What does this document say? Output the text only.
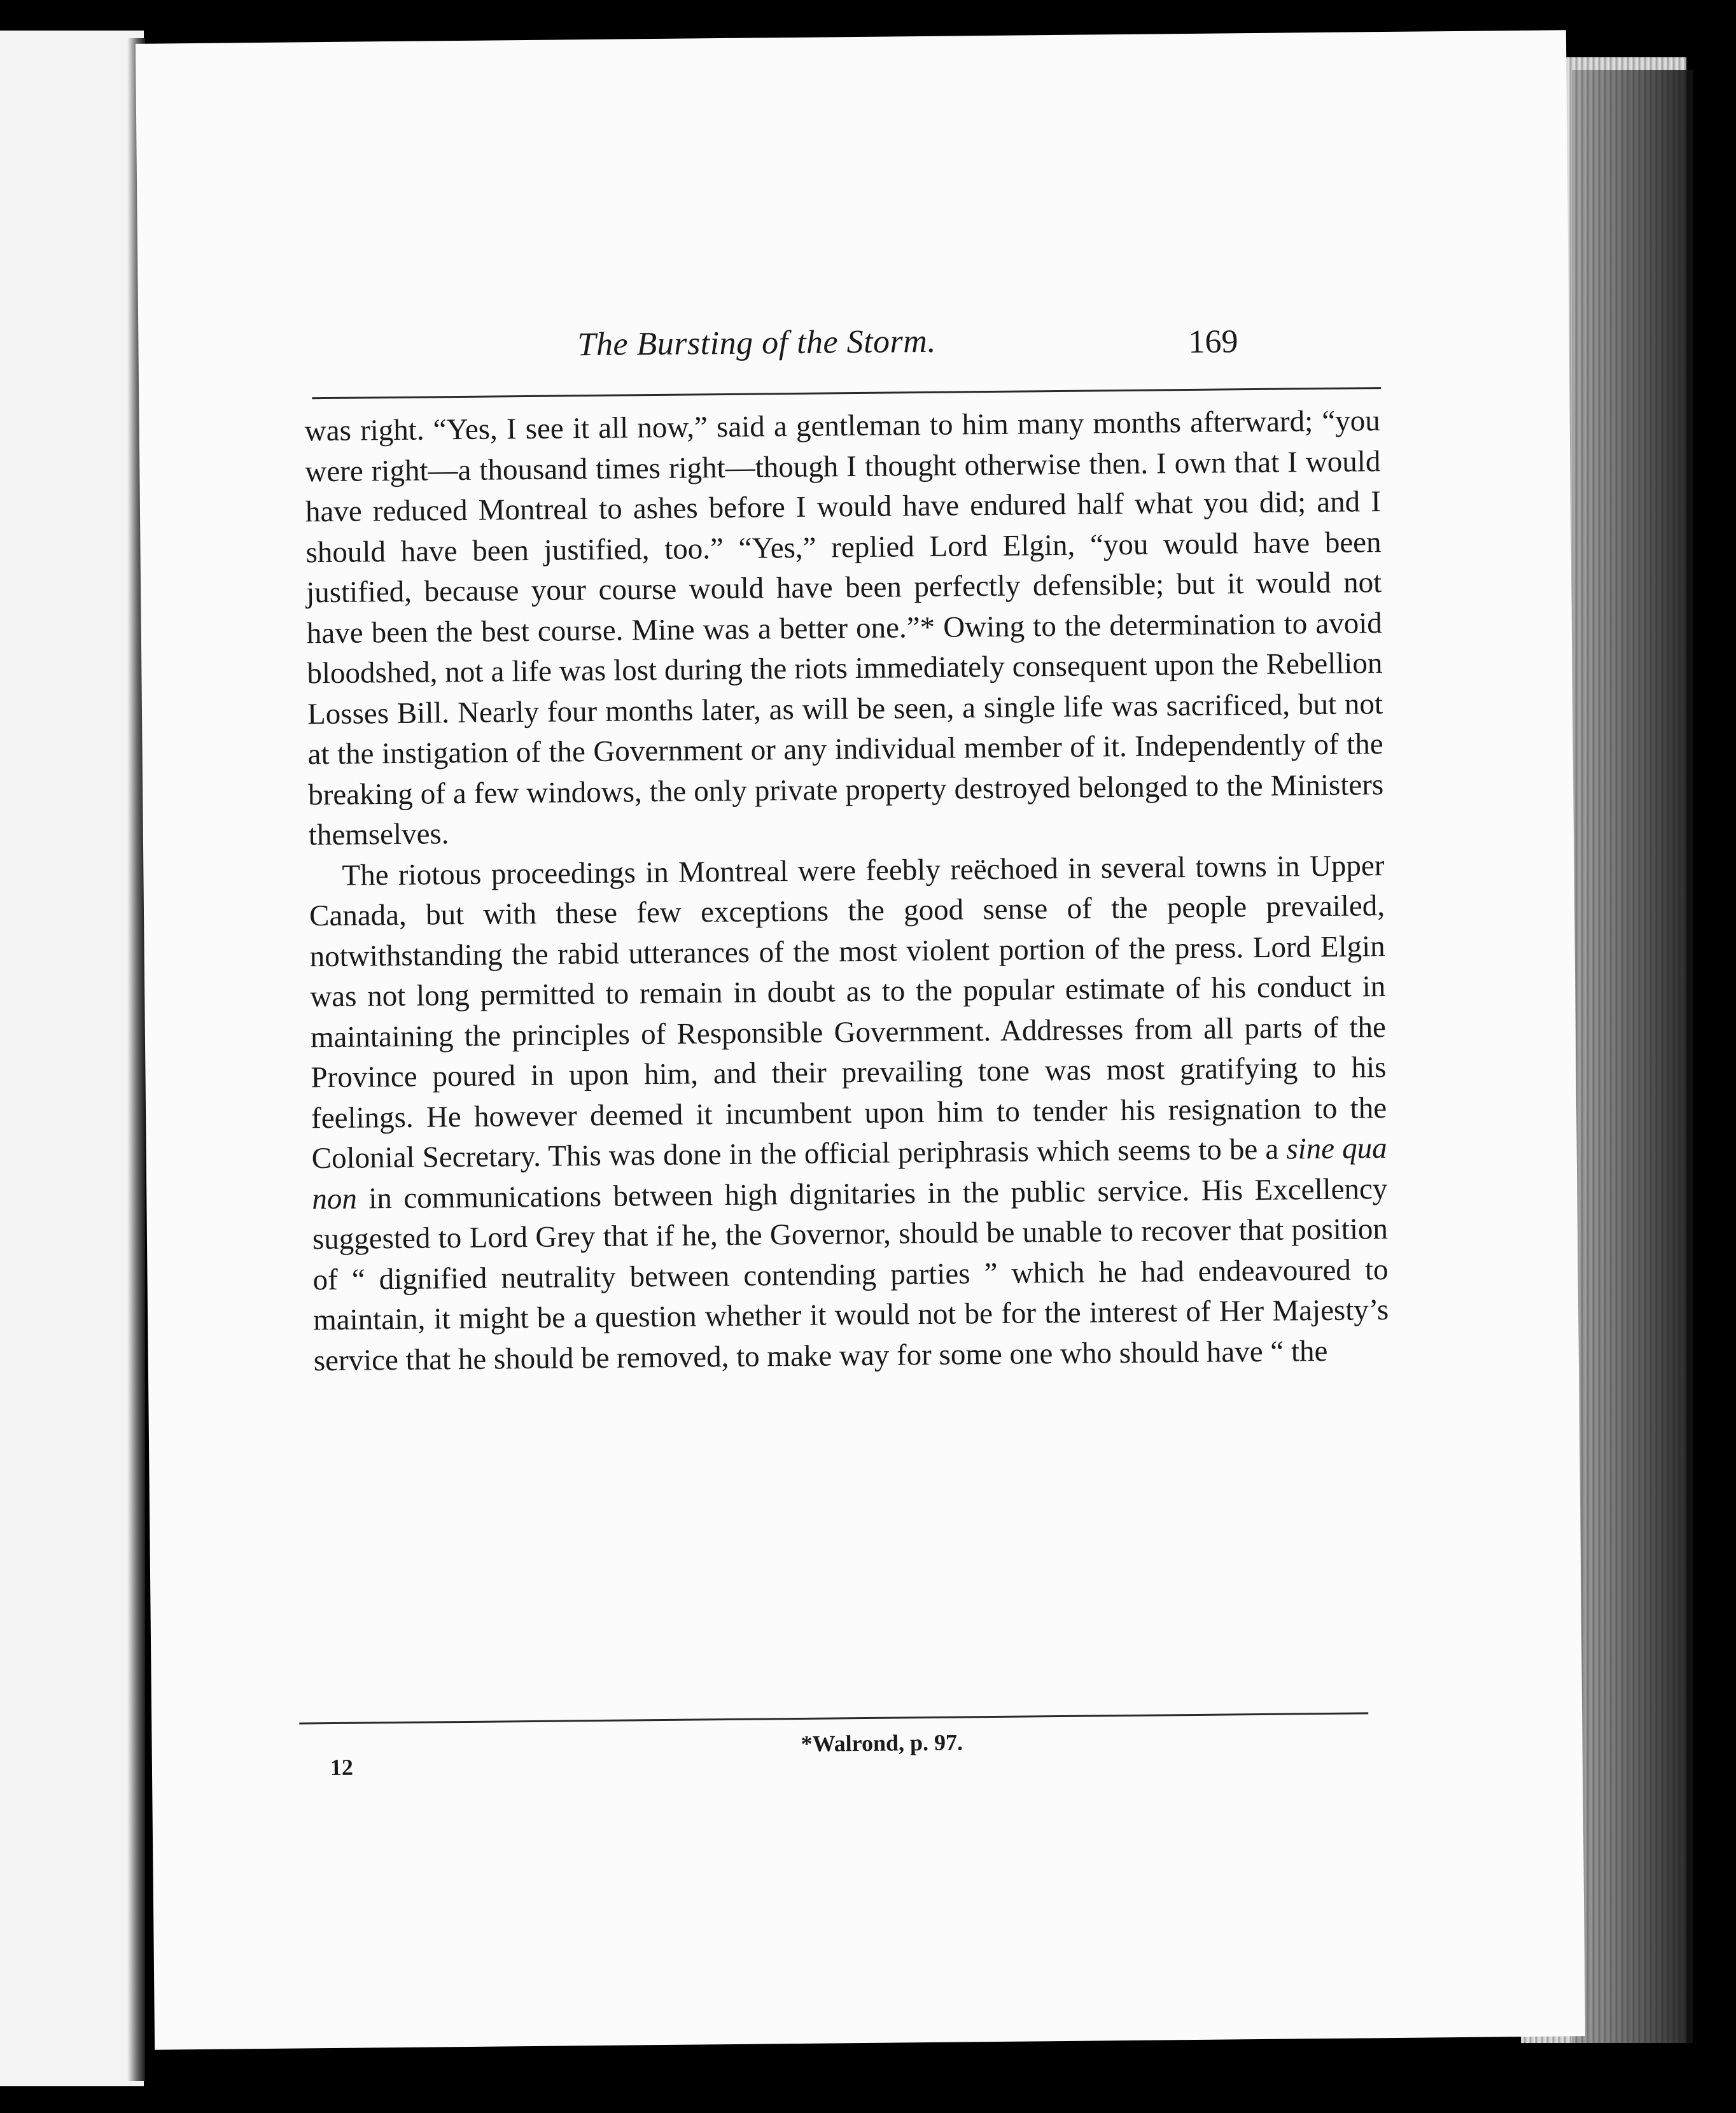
The Bursting of the Storm.	169

was right. “Yes, I see it all now,” said a gentleman to him many months afterward; “you were right—a thousand times right—though I thought otherwise then. I own that I would have reduced Montreal to ashes before I would have endured half what you did; and I should have been justified, too.” “Yes,” replied Lord Elgin, “you would have been justified, because your course would have been perfectly defensible; but it would not have been the best course. Mine was a better one.”* Owing to the determination to avoid bloodshed, not a life was lost during the riots immediately consequent upon the Rebellion Losses Bill. Nearly four months later, as will be seen, a single life was sacrificed, but not at the instigation of the Government or any individual member of it. Independently of the breaking of a few windows, the only private property destroyed belonged to the Ministers themselves.

The riotous proceedings in Montreal were feebly reëchoed in several towns in Upper Canada, but with these few exceptions the good sense of the people prevailed, notwithstanding the rabid utterances of the most violent portion of the press. Lord Elgin was not long permitted to remain in doubt as to the popular estimate of his conduct in maintaining the principles of Responsible Government. Addresses from all parts of the Province poured in upon him, and their prevailing tone was most gratifying to his feelings. He however deemed it incumbent upon him to tender his resignation to the Colonial Secretary. This was done in the official periphrasis which seems to be a sine qua non in communications between high dignitaries in the public service. His Excellency suggested to Lord Grey that if he, the Governor, should be unable to recover that position of “ dignified neutrality between contending parties ” which he had endeavoured to maintain, it might be a question whether it would not be for the interest of Her Majesty’s service that he should be removed, to make way for some one who should have “ the

*Walrond, p. 97.
12
